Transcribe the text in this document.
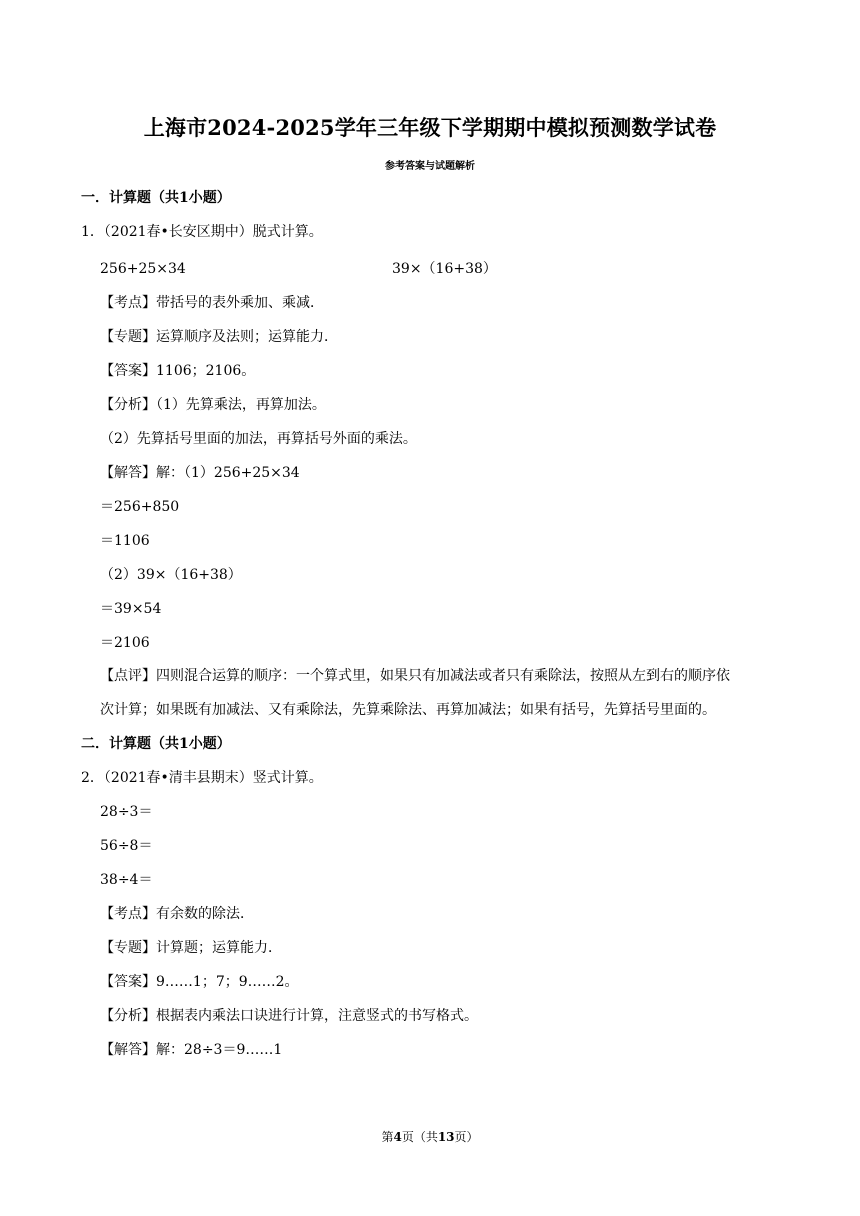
上海市2024-2025学年三年级下学期期中模拟预测数学试卷
参考答案与试题解析
一．计算题（共1小题）
1．（2021春•长安区期中）脱式计算。
256+25×34	39×（16+38）
【考点】带括号的表外乘加、乘减．
【专题】运算顺序及法则；运算能力．
【答案】1106；2106。
【分析】（1）先算乘法，再算加法。
（2）先算括号里面的加法，再算括号外面的乘法。
【解答】解：（1）256+25×34
＝256+850
＝1106
（2）39×（16+38）
＝39×54
＝2106
【点评】四则混合运算的顺序：一个算式里，如果只有加减法或者只有乘除法，按照从左到右的顺序依
次计算；如果既有加减法、又有乘除法，先算乘除法、再算加减法；如果有括号，先算括号里面的。
二．计算题（共1小题）
2．（2021春•清丰县期末）竖式计算。
28÷3＝
56÷8＝
38÷4＝
【考点】有余数的除法．
【专题】计算题；运算能力．
【答案】9……1；7；9……2。
【分析】根据表内乘法口诀进行计算，注意竖式的书写格式。
【解答】解：28÷3＝9……1
第4页（共13页）
